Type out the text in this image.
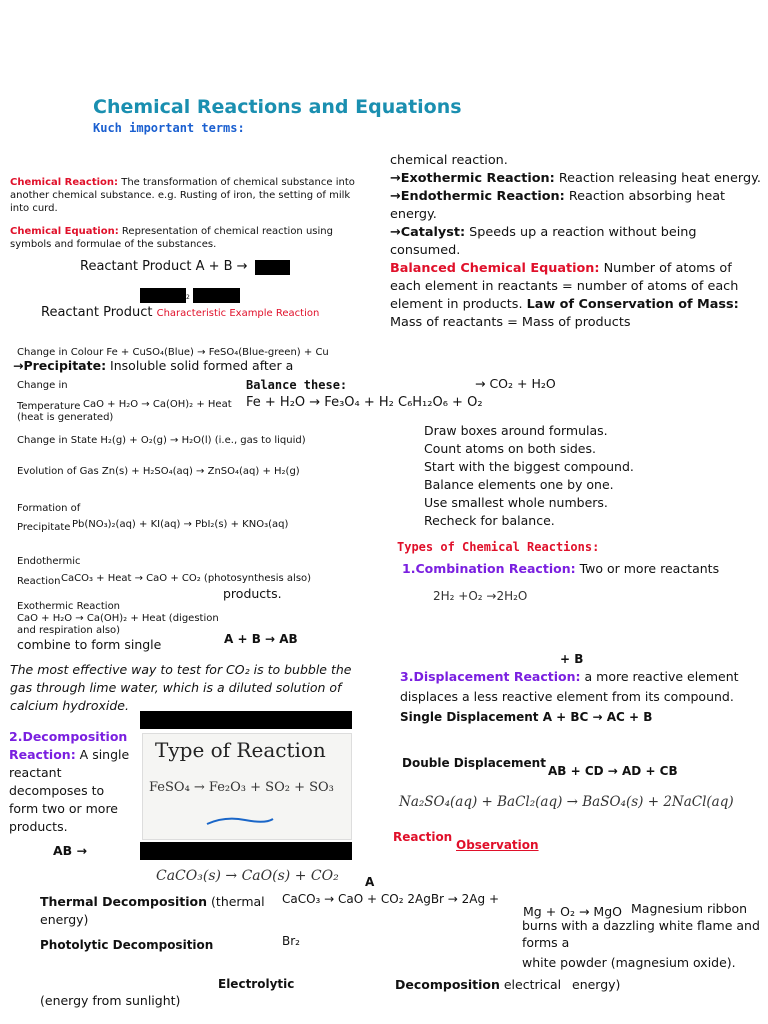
Chemical Reactions and Equations
Kuch important terms:
Chemical Reaction: The transformation of chemical substance into another chemical substance. e.g. Rusting of iron, the setting of milk into curd.
Chemical Equation: Representation of chemical reaction using symbols and formulae of the substances.
Reactant Product A + B →
2
Reactant Product Characteristic Example Reaction
Change in Colour Fe + CuSO₄(Blue) → FeSO₄(Blue-green) + Cu
→Precipitate: Insoluble solid formed after a
Change in
Temperature CaO + H₂O → Ca(OH)₂ + Heat
(heat is generated)
Change in State H₂(g) + O₂(g) → H₂O(l) (i.e., gas to liquid)
Evolution of Gas Zn(s) + H₂SO₄(aq) → ZnSO₄(aq) + H₂(g)
Formation of
Precipitate Pb(NO₃)₂(aq) + KI(aq) → PbI₂(s) + KNO₃(aq)
Endothermic
Reaction CaCO₃ + Heat → CaO + CO₂ (photosynthesis also)
products.
Exothermic Reaction
CaO + H₂O → Ca(OH)₂ + Heat (digestion
and respiration also)
combine to form single	A + B → AB
The most effective way to test for CO₂ is to bubble the gas through lime water, which is a diluted solution of calcium hydroxide.
2.Decomposition Reaction: A single reactant decomposes to form two or more products.
Type of Reaction
FeSO₄ → Fe₂O₃ + SO₂ + SO₃
AB →
CaCO₃(s) → CaO(s) + CO₂ A
Thermal Decomposition (thermal energy)
CaCO₃ → CaO + CO₂ 2AgBr → 2Ag +
Br₂
Photolytic Decomposition
Electrolytic	Decomposition electrical energy)
(energy from sunlight)
chemical reaction.
→Exothermic Reaction: Reaction releasing heat energy.
→Endothermic Reaction: Reaction absorbing heat energy.
→Catalyst: Speeds up a reaction without being consumed.
Balanced Chemical Equation: Number of atoms of each element in reactants = number of atoms of each element in products. Law of Conservation of Mass: Mass of reactants = Mass of products
→ CO₂ + H₂O
Balance these:
Fe + H₂O → Fe₃O₄ + H₂ C₆H₁₂O₆ + O₂
Draw boxes around formulas.
Count atoms on both sides.
Start with the biggest compound.
Balance elements one by one.
Use smallest whole numbers.
Recheck for balance.
Types of Chemical Reactions:
1.Combination Reaction: Two or more reactants
2H₂ +O₂ →2H₂O
+ B
3.Displacement Reaction: a more reactive element displaces a less reactive element from its compound.
Single Displacement A + BC → AC + B
Double Displacement
AB + CD → AD + CB
Na₂SO₄(aq) + BaCl₂(aq) → BaSO₄(s) + 2NaCl(aq)
Reaction
Observation
Mg + O₂ → MgO Magnesium ribbon burns with a dazzling white flame and forms a
white powder (magnesium oxide).
